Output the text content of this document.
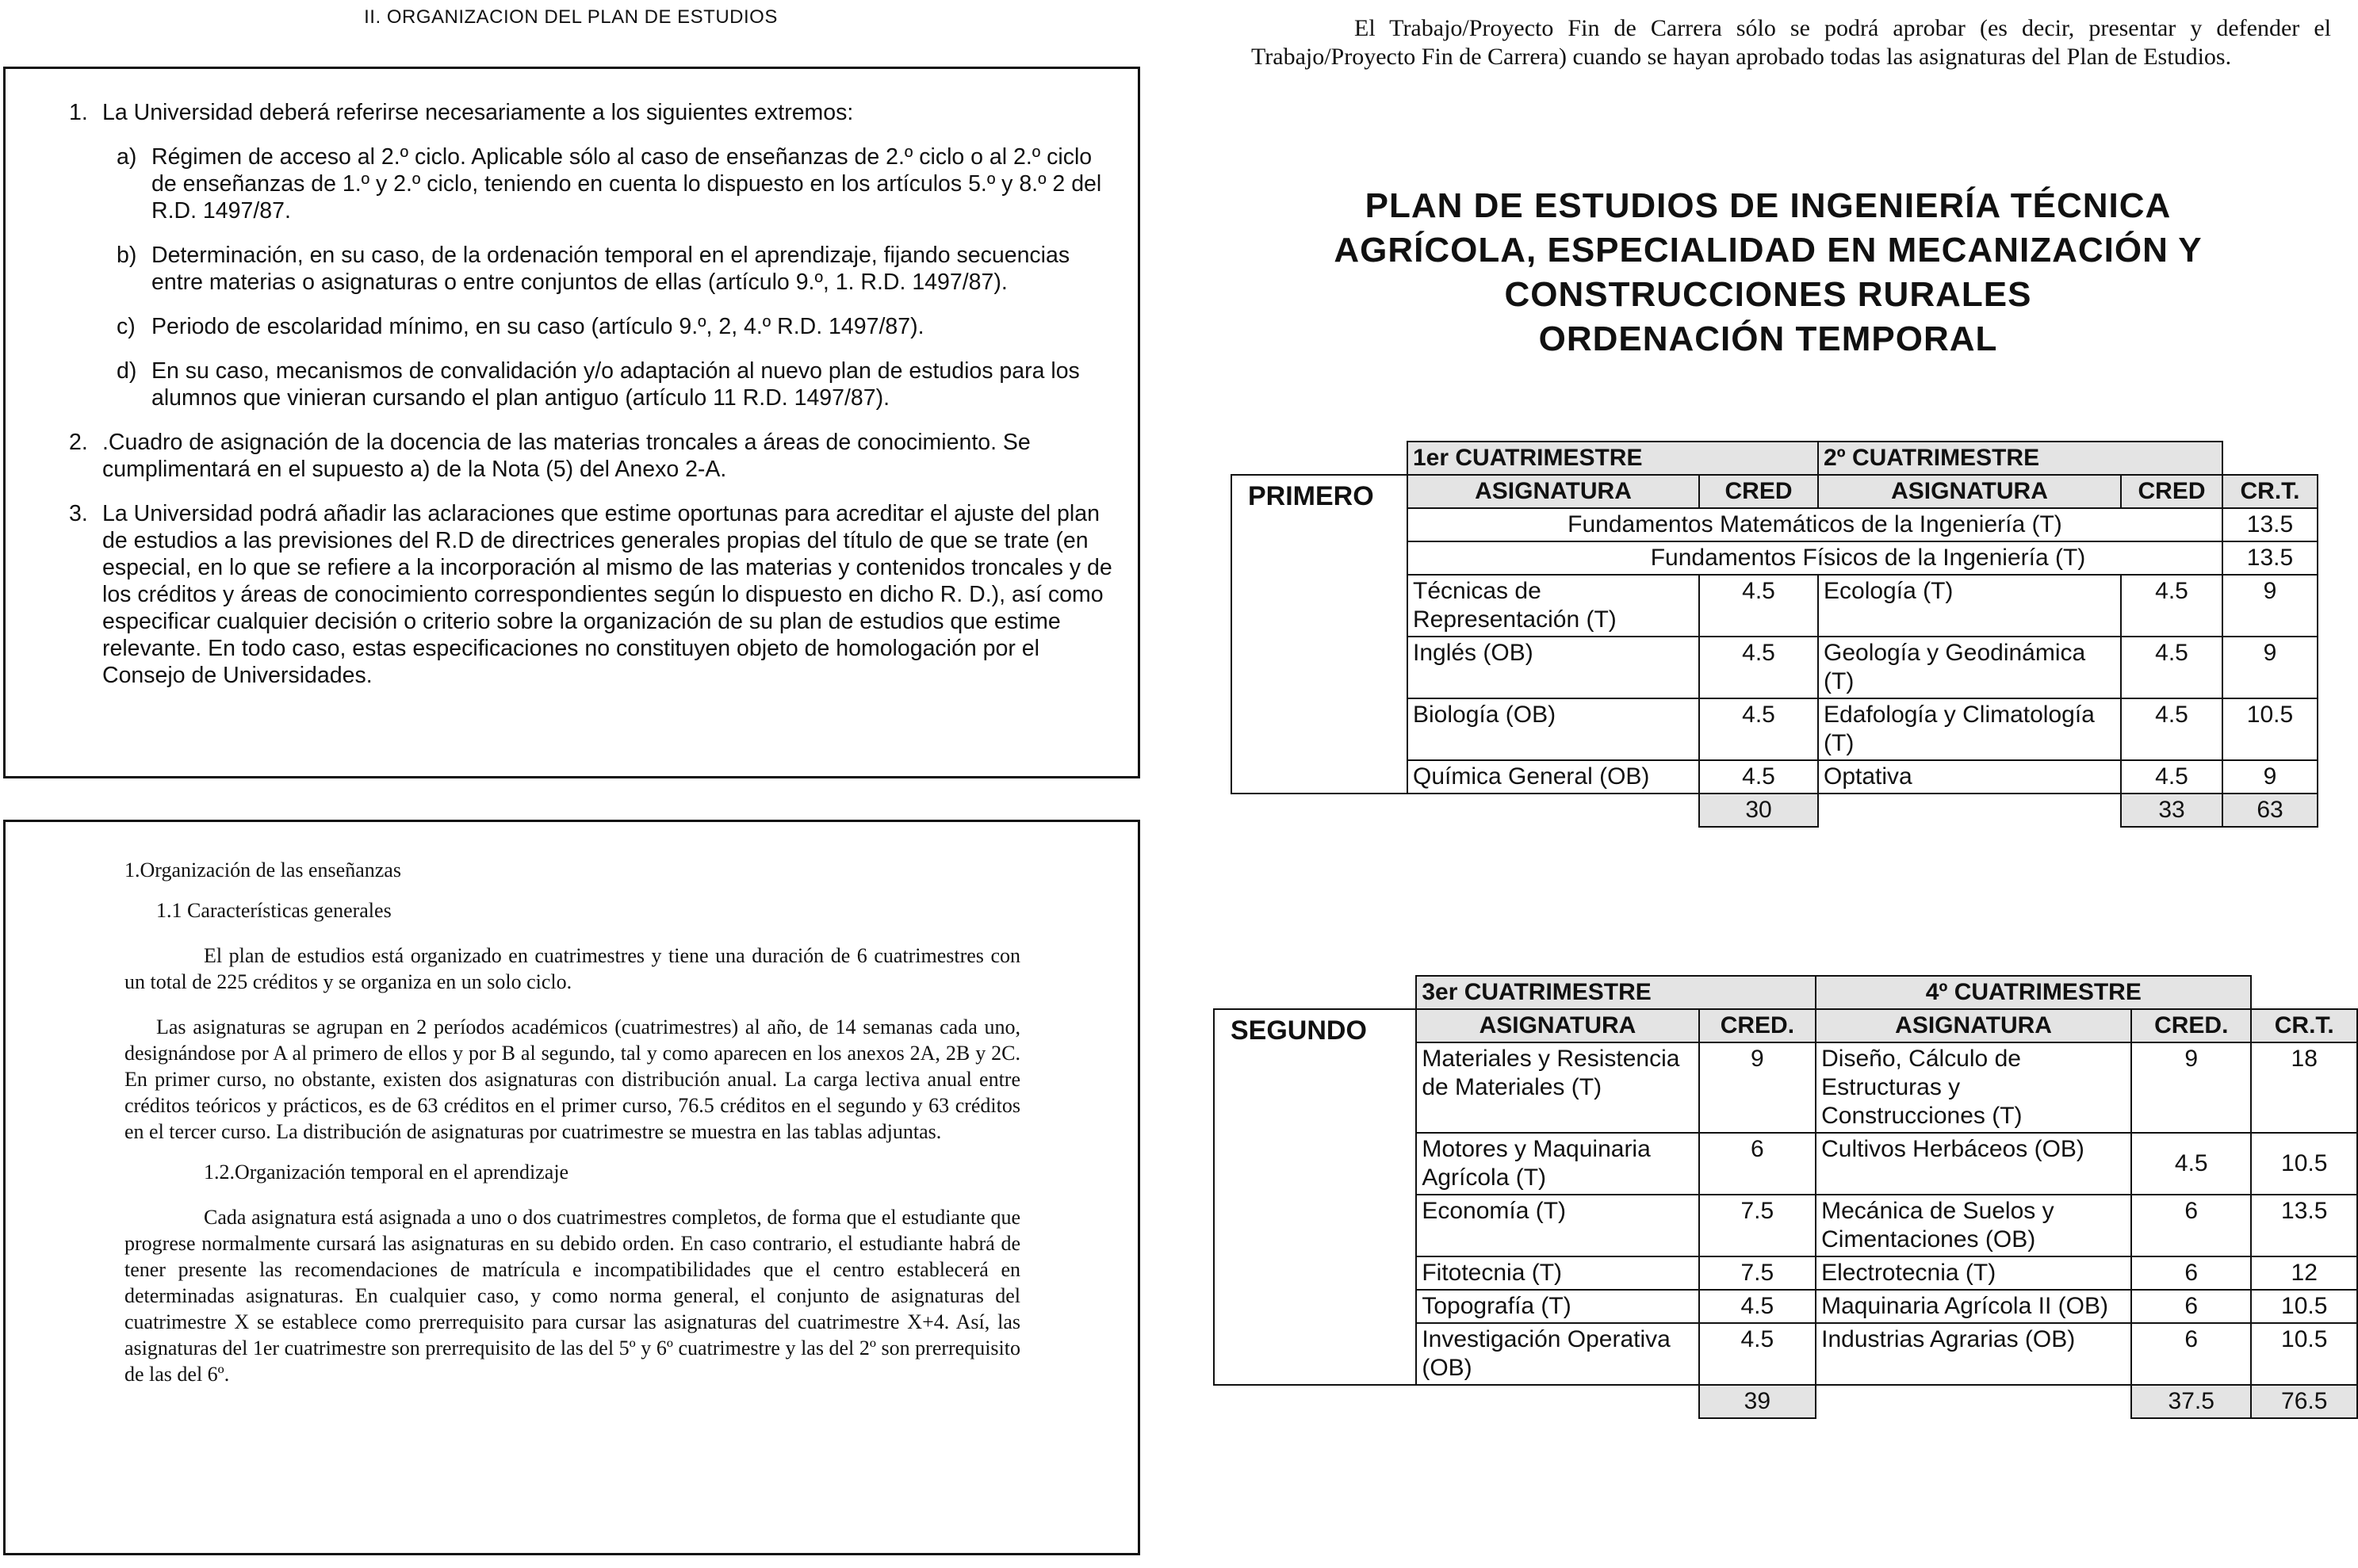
II. ORGANIZACION DEL PLAN DE ESTUDIOS
1. La Universidad deberá referirse necesariamente a los siguientes extremos:
a) Régimen de acceso al 2.º ciclo. Aplicable sólo al caso de enseñanzas de 2.º ciclo o al 2.º ciclo de enseñanzas de 1.º y 2.º ciclo, teniendo en cuenta lo dispuesto en los artículos 5.º y 8.º 2 del R.D. 1497/87.
b) Determinación, en su caso, de la ordenación temporal en el aprendizaje, fijando secuencias entre materias o asignaturas o entre conjuntos de ellas (artículo 9.º, 1. R.D. 1497/87).
c) Periodo de escolaridad mínimo, en su caso (artículo 9.º, 2, 4.º R.D. 1497/87).
d) En su caso, mecanismos de convalidación y/o adaptación al nuevo plan de estudios para los alumnos que vinieran cursando el plan antiguo (artículo 11 R.D. 1497/87).
2. .Cuadro de asignación de la docencia de las materias troncales a áreas de conocimiento. Se cumplimentará en el supuesto a) de la Nota (5) del Anexo 2-A.
3. La Universidad podrá añadir las aclaraciones que estime oportunas para acreditar el ajuste del plan de estudios a las previsiones del R.D de directrices generales propias del título de que se trate (en especial, en lo que se refiere a la incorporación al mismo de las materias y contenidos troncales y de los créditos y áreas de conocimiento correspondientes según lo dispuesto en dicho R. D.), así como especificar cualquier decisión o criterio sobre la organización de su plan de estudios que estime relevante. En todo caso, estas especificaciones no constituyen objeto de homologación por el Consejo de Universidades.
1.Organización de las enseñanzas
1.1 Características generales
El plan de estudios está organizado en cuatrimestres y tiene una duración de 6 cuatrimestres con un total de 225 créditos y se organiza en un solo ciclo.
Las asignaturas se agrupan en 2 períodos académicos (cuatrimestres) al año, de 14 semanas cada uno, designándose por A al primero de ellos y por B al segundo, tal y como aparecen en los anexos 2A, 2B y 2C. En primer curso, no obstante, existen dos asignaturas con distribución anual. La carga lectiva anual entre créditos teóricos y prácticos, es de 63 créditos en el primer curso, 76.5 créditos en el segundo y 63 créditos en el tercer curso. La distribución de asignaturas por cuatrimestre se muestra en las tablas adjuntas.
1.2.Organización temporal en el aprendizaje
Cada asignatura está asignada a uno o dos cuatrimestres completos, de forma que el estudiante que progrese normalmente cursará las asignaturas en su debido orden. En caso contrario, el estudiante habrá de tener presente las recomendaciones de matrícula e incompatibilidades que el centro establecerá en determinadas asignaturas. En cualquier caso, y como norma general, el conjunto de asignaturas del cuatrimestre X se establece como prerrequisito para cursar las asignaturas del cuatrimestre X+4. Así, las asignaturas del 1er cuatrimestre son prerrequisito de las del 5º y 6º cuatrimestre y las del 2º son prerrequisito de las del 6º.
El Trabajo/Proyecto Fin de Carrera sólo se podrá aprobar (es decir, presentar y defender el Trabajo/Proyecto Fin de Carrera) cuando se hayan aprobado todas las asignaturas del Plan de Estudios.
PLAN DE ESTUDIOS DE INGENIERÍA TÉCNICA
AGRÍCOLA, ESPECIALIDAD EN MECANIZACIÓN Y
CONSTRUCCIONES RURALES
ORDENACIÓN TEMPORAL
	1er CUATRIMESTRE		2º CUATRIMESTRE		
PRIMERO	ASIGNATURA	CRED	ASIGNATURA	CRED	CR.T.
	Fundamentos Matemáticos de la Ingeniería (T)				13.5
	Fundamentos Físicos de la Ingeniería (T)				13.5
	Técnicas de Representación (T)	4.5	Ecología (T)	4.5	9
	Inglés (OB)	4.5	Geología y Geodinámica (T)	4.5	9
	Biología (OB)	4.5	Edafología y Climatología (T)	4.5	10.5
	Química General (OB)	4.5	Optativa	4.5	9
		30		33	63
	3er CUATRIMESTRE		4º CUATRIMESTRE		
SEGUNDO	ASIGNATURA	CRED.	ASIGNATURA	CRED.	CR.T.
	Materiales y Resistencia de Materiales (T)	9	Diseño, Cálculo de Estructuras y Construcciones (T)	9	18
	Motores y Maquinaria Agrícola (T)	6	Cultivos Herbáceos (OB)	4.5	10.5
	Economía (T)	7.5	Mecánica de Suelos y Cimentaciones (OB)	6	13.5
	Fitotecnia (T)	7.5	Electrotecnia (T)	6	12
	Topografía (T)	4.5	Maquinaria Agrícola II (OB)	6	10.5
	Investigación Operativa (OB)	4.5	Industrias Agrarias (OB)	6	10.5
		39		37.5	76.5
